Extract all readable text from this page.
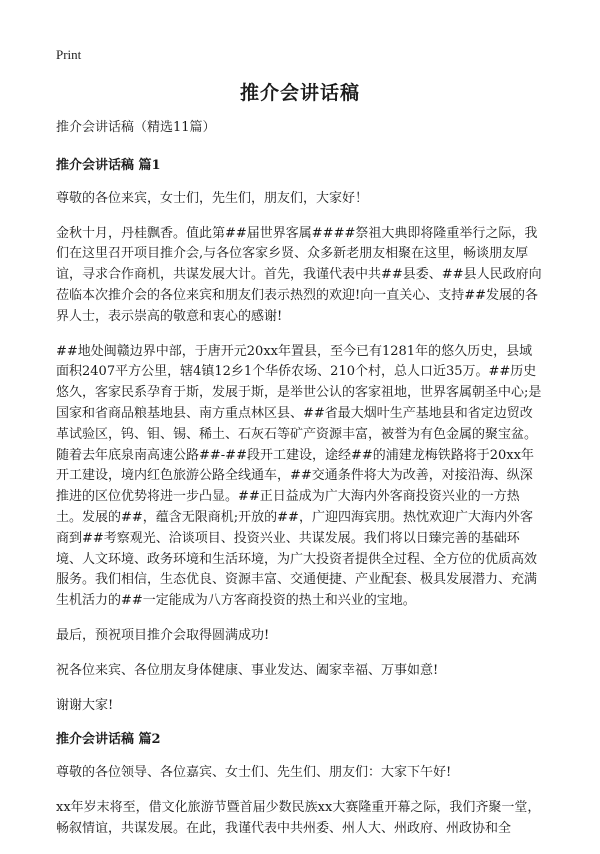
Print
推介会讲话稿

推介会讲话稿（精选11篇）

推介会讲话稿 篇1

尊敬的各位来宾，女士们，先生们，朋友们，大家好！

金秋十月，丹桂飘香。值此第##届世界客属####祭祖大典即将隆重举行之际，我们在这里召开项目推介会,与各位客家乡贤、众多新老朋友相聚在这里，畅谈朋友厚谊，寻求合作商机，共谋发展大计。首先，我谨代表中共##县委、##县人民政府向莅临本次推介会的各位来宾和朋友们表示热烈的欢迎!向一直关心、支持##发展的各界人士，表示崇高的敬意和衷心的感谢!

##地处闽赣边界中部，于唐开元20xx年置县，至今已有1281年的悠久历史，县域面积2407平方公里，辖4镇12乡1个华侨农场、210个村，总人口近35万。##历史悠久，客家民系孕育于斯，发展于斯，是举世公认的客家祖地，世界客属朝圣中心;是国家和省商品粮基地县、南方重点林区县、##省最大烟叶生产基地县和省定边贸改革试验区，钨、钼、锡、稀土、石灰石等矿产资源丰富，被誉为有色金属的聚宝盆。随着去年底泉南高速公路##-##段开工建设，途经##的浦建龙梅铁路将于20xx年开工建设，境内红色旅游公路全线通车，##交通条件将大为改善，对接沿海、纵深推进的区位优势将进一步凸显。##正日益成为广大海内外客商投资兴业的一方热土。发展的##，蕴含无限商机;开放的##，广迎四海宾朋。热忱欢迎广大海内外客商到##考察观光、洽谈项目、投资兴业、共谋发展。我们将以日臻完善的基础环境、人文环境、政务环境和生活环境，为广大投资者提供全过程、全方位的优质高效服务。我们相信，生态优良、资源丰富、交通便捷、产业配套、极具发展潜力、充满生机活力的##一定能成为八方客商投资的热土和兴业的宝地。

最后，预祝项目推介会取得圆满成功!

祝各位来宾、各位朋友身体健康、事业发达、阖家幸福、万事如意!

谢谢大家!

推介会讲话稿 篇2

尊敬的各位领导、各位嘉宾、女士们、先生们、朋友们：大家下午好!

xx年岁末将至，借文化旅游节暨首届少数民族xx大赛隆重开幕之际，我们齐聚一堂，畅叙情谊，共谋发展。在此，我谨代表中共州委、州人大、州政府、州政协和全
